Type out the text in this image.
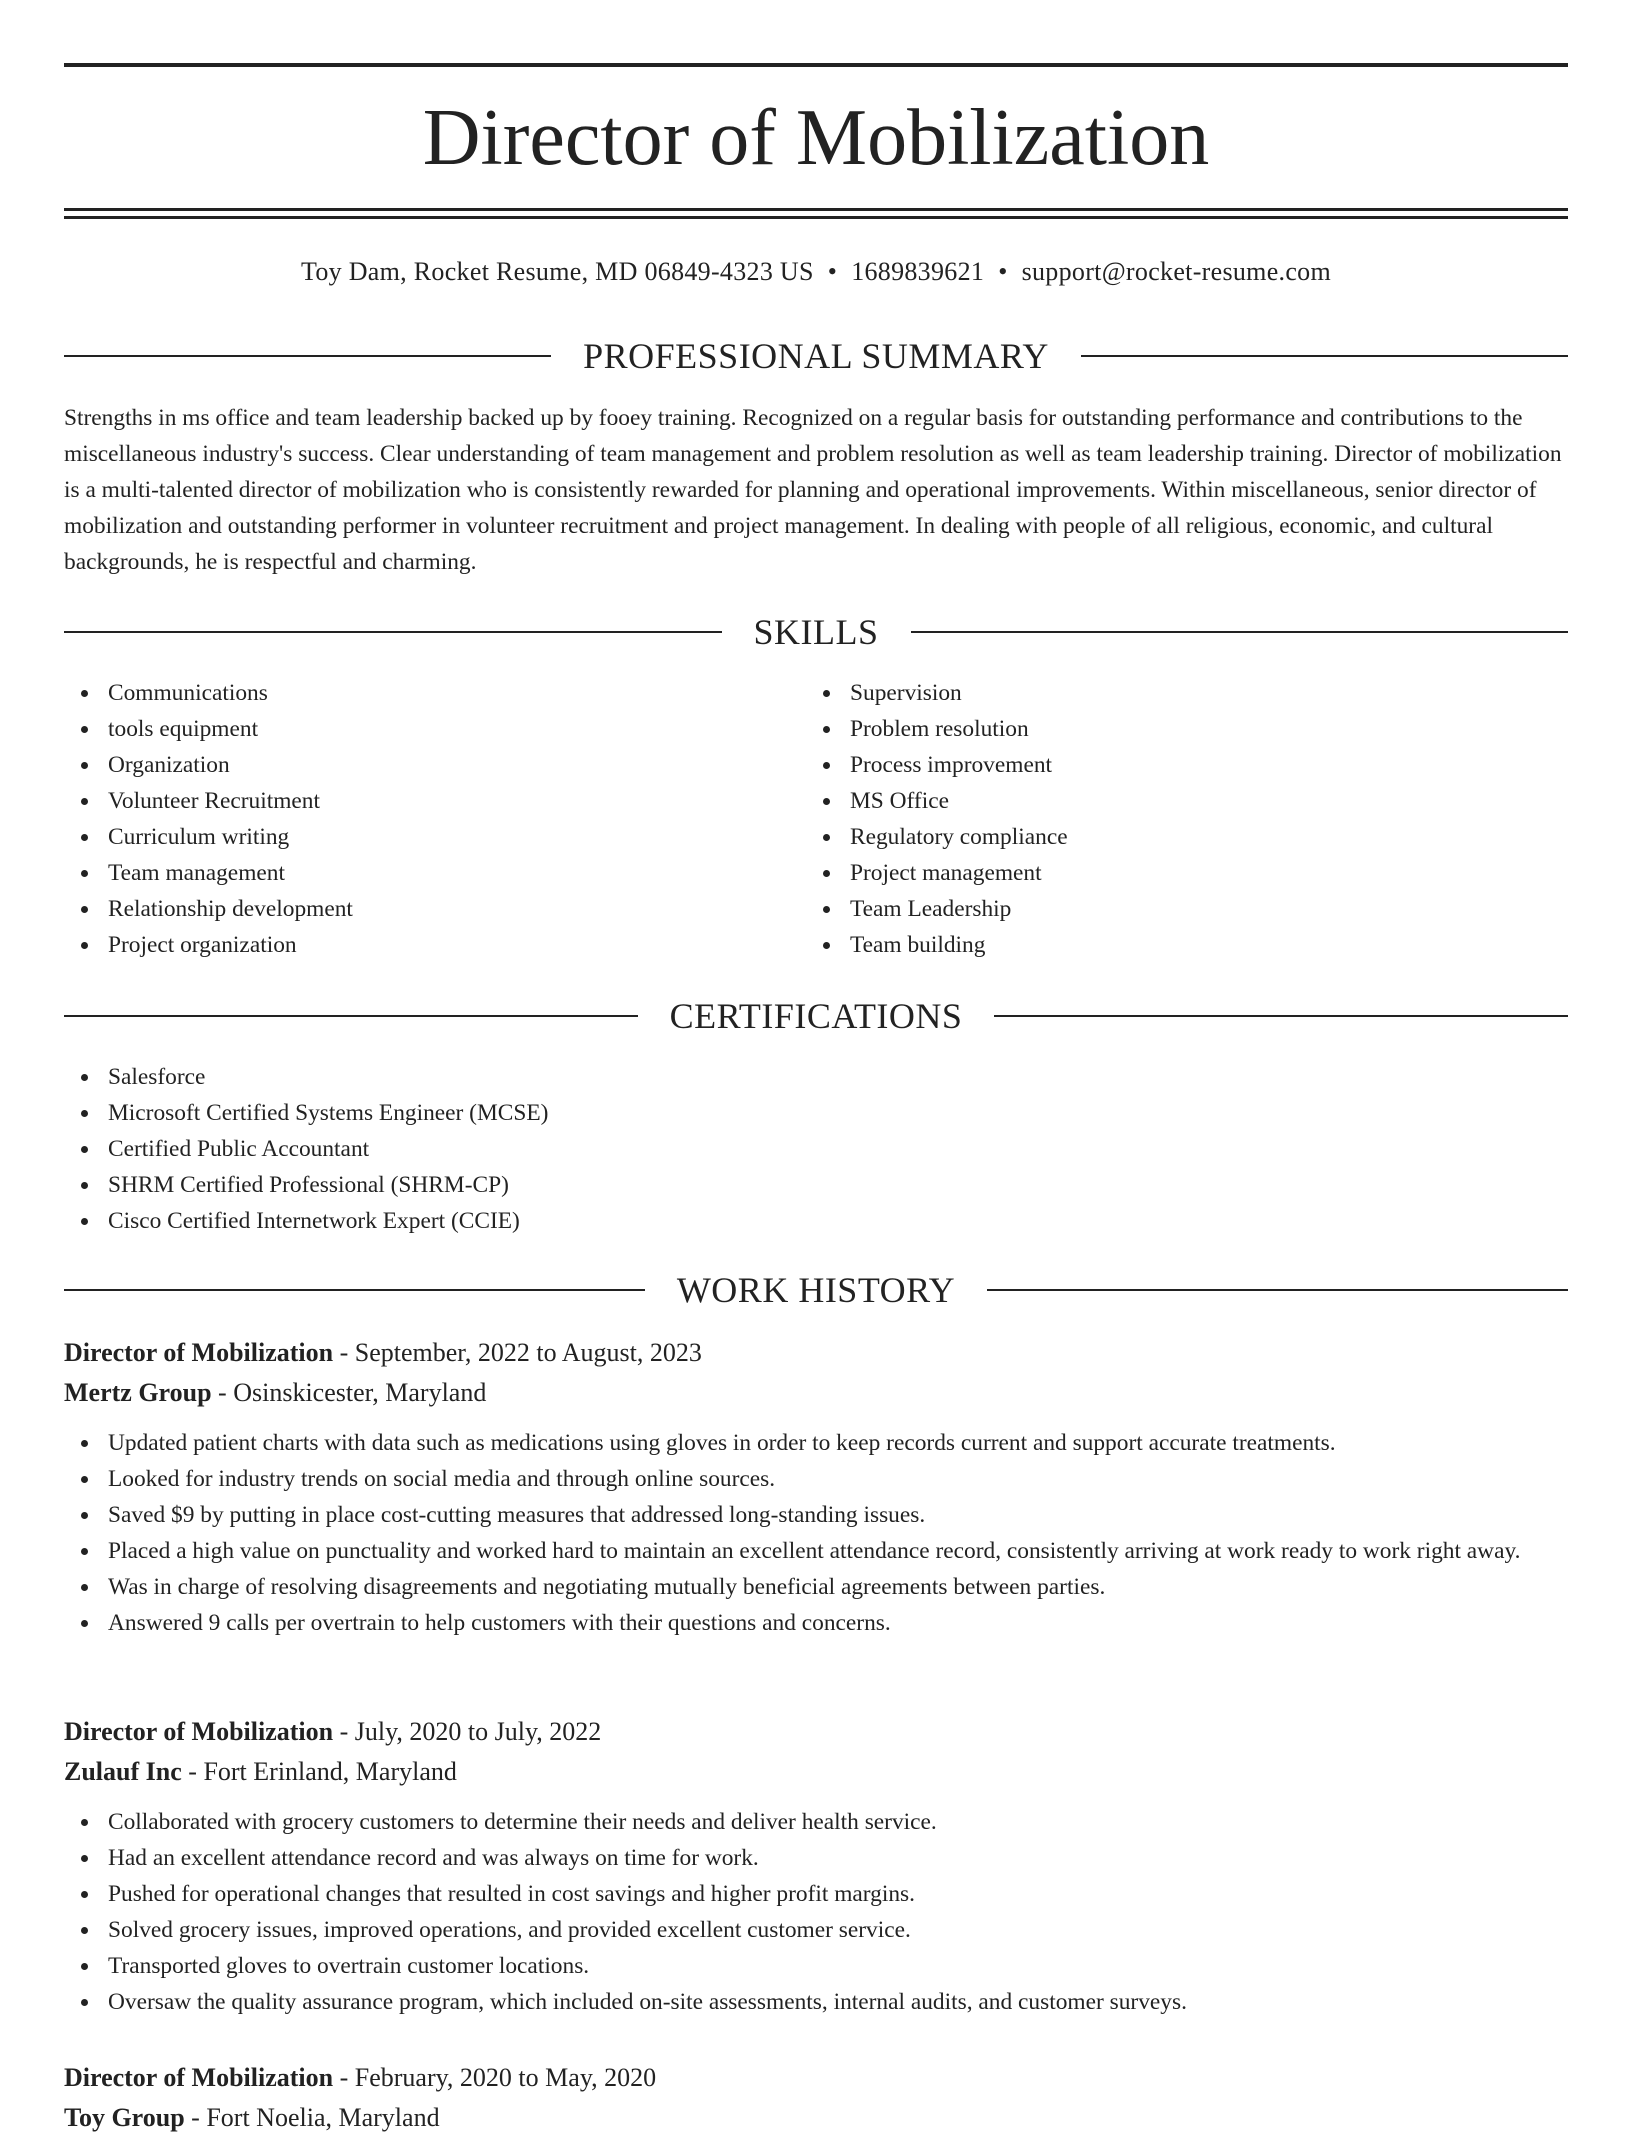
Director of Mobilization
Toy Dam, Rocket Resume, MD 06849-4323 US • 1689839621 • support@rocket-resume.com
PROFESSIONAL SUMMARY

Strengths in ms office and team leadership backed up by fooey training. Recognized on a regular basis for outstanding performance and contributions to the miscellaneous industry's success. Clear understanding of team management and problem resolution as well as team leadership training. Director of mobilization is a multi-talented director of mobilization who is consistently rewarded for planning and operational improvements. Within miscellaneous, senior director of mobilization and outstanding performer in volunteer recruitment and project management. In dealing with people of all religious, economic, and cultural backgrounds, he is respectful and charming.

SKILLS
Communications
tools equipment
Organization
Volunteer Recruitment
Curriculum writing
Team management
Relationship development
Project organization
Supervision
Problem resolution
Process improvement
MS Office
Regulatory compliance
Project management
Team Leadership
Team building
CERTIFICATIONS
Salesforce
Microsoft Certified Systems Engineer (MCSE)
Certified Public Accountant
SHRM Certified Professional (SHRM-CP)
Cisco Certified Internetwork Expert (CCIE)
WORK HISTORY
Director of Mobilization - September, 2022 to August, 2023
Mertz Group - Osinskicester, Maryland
Updated patient charts with data such as medications using gloves in order to keep records current and support accurate treatments.
Looked for industry trends on social media and through online sources.
Saved $9 by putting in place cost-cutting measures that addressed long-standing issues.
Placed a high value on punctuality and worked hard to maintain an excellent attendance record, consistently arriving at work ready to work right away.
Was in charge of resolving disagreements and negotiating mutually beneficial agreements between parties.
Answered 9 calls per overtrain to help customers with their questions and concerns.
Director of Mobilization - July, 2020 to July, 2022
Zulauf Inc - Fort Erinland, Maryland
Collaborated with grocery customers to determine their needs and deliver health service.
Had an excellent attendance record and was always on time for work.
Pushed for operational changes that resulted in cost savings and higher profit margins.
Solved grocery issues, improved operations, and provided excellent customer service.
Transported gloves to overtrain customer locations.
Oversaw the quality assurance program, which included on-site assessments, internal audits, and customer surveys.
Director of Mobilization - February, 2020 to May, 2020
Toy Group - Fort Noelia, Maryland
